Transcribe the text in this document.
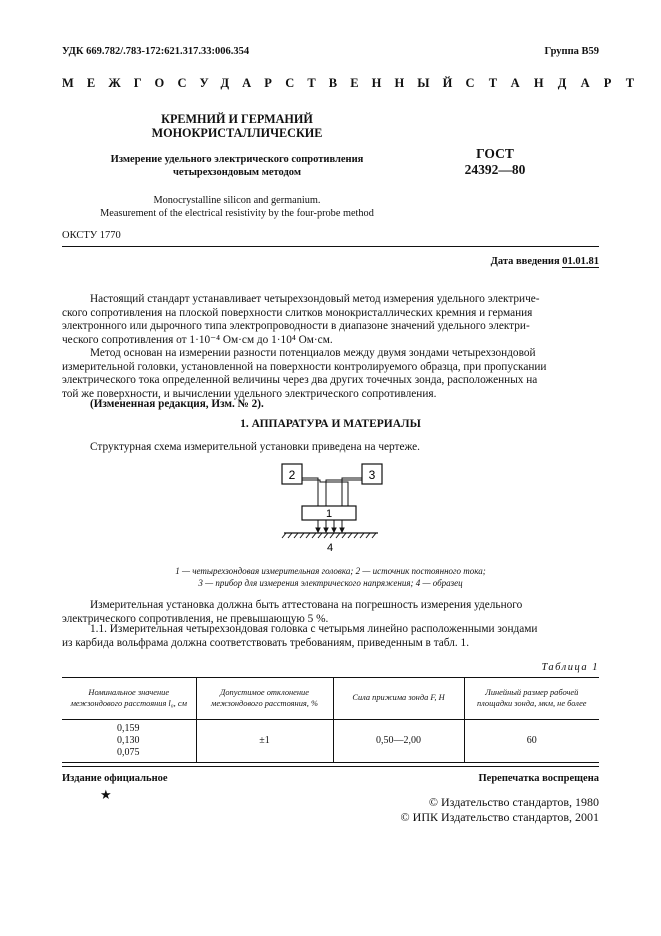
УДК 669.782/.783-172:621.317.33:006.354	Группа В59
МЕЖГОСУДАРСТВЕННЫЙ СТАНДАРТ
КРЕМНИЙ И ГЕРМАНИЙ
МОНОКРИСТАЛЛИЧЕСКИЕ
Измерение удельного электрического сопротивления
четырехзондовым методом
Monocrystalline silicon and germanium.
Measurement of the electrical resistivity by the four-probe method
ГОСТ
24392—80
ОКСТУ 1770
Дата введения 01.01.81
Настоящий стандарт устанавливает четырехзондовый метод измерения удельного электриче-
ского сопротивления на плоской поверхности слитков монокристаллических кремния и германия
электронного или дырочного типа электропроводности в диапазоне значений удельного электри-
ческого сопротивления от 1·10⁻⁴ Ом·см до 1·10⁴ Ом·см.
Метод основан на измерении разности потенциалов между двумя зондами четырехзондовой
измерительной головки, установленной на поверхности контролируемого образца, при пропускании
электрического тока определенной величины через два других точечных зонда, расположенных на
той же поверхности, и вычислении удельного электрического сопротивления.
(Измененная редакция, Изм. № 2).
1. АППАРАТУРА И МАТЕРИАЛЫ
Структурная схема измерительной установки приведена на чертеже.
2	3
1
4
1 — четырехзондовая измерительная головка; 2 — источник постоянного тока;
3 — прибор для измерения электрического напряжения; 4 — образец
Измерительная установка должна быть аттестована на погрешность измерения удельного
электрического сопротивления, не превышающую 5 %.
1.1. Измерительная четырехзондовая головка с четырьмя линейно расположенными зондами
из карбида вольфрама должна соответствовать требованиям, приведенным в табл. 1.
Таблица 1
Номинальное значение межзондового расстояния l₀, см	Допустимое отклонение межзондового расстояния, %	Сила прижима зонда F, Н	Линейный размер рабочей площадки зонда, мкм, не более

0,159
0,130
0,075	±1	0,50—2,00	60
Издание официальное	Перепечатка воспрещена
★	© Издательство стандартов, 1980
© ИПК Издательство стандартов, 2001
